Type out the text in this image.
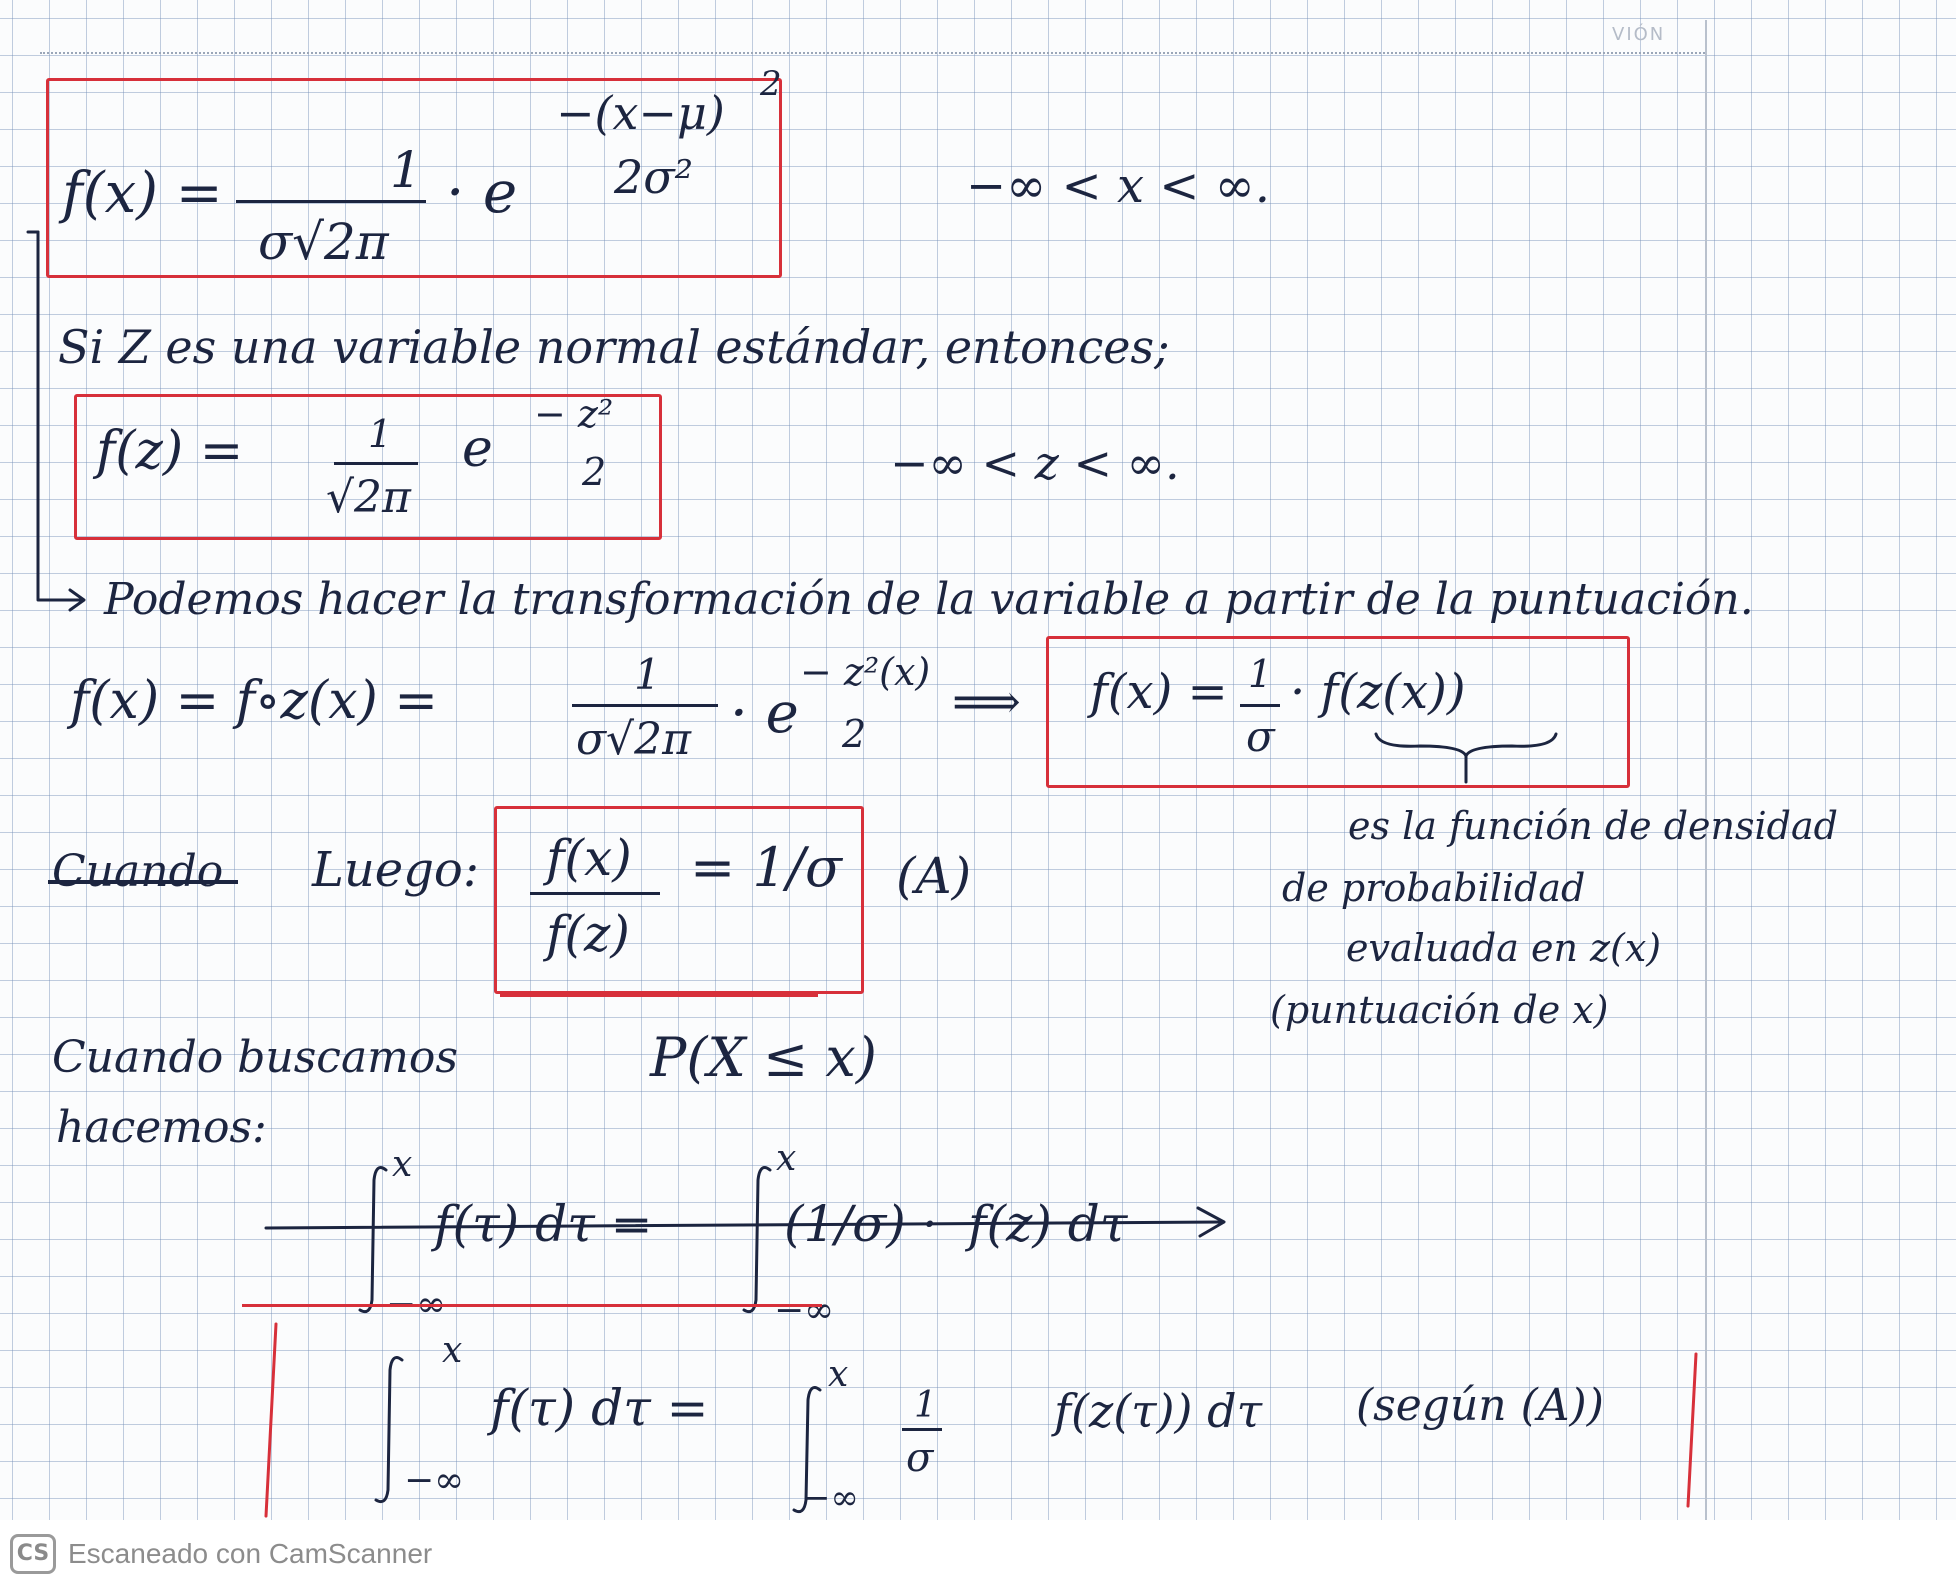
VIÓN
f(x) =	1
σ√2π
· e
−(x−μ)
2
2σ²	−∞ < x < ∞.
Si Z es una variable normal estándar, entonces;
f(z) =	1
√2π
e
− z²
2	−∞ < z < ∞.
Podemos hacer la transformación de la variable a partir de la puntuación.
f(x) = f∘z(x) =	1
σ√2π · e
− z²(x)
2
⟹ f(x) = 1
σ
· f(z(x))
es la función de densidad
de probabilidad
evaluada en z(x)
(puntuación de x)
Cuando Luego: f(x)
f(z)
= 1/σ (A)
Cuando buscamos	P(X ≤ x)
hacemos:
x
−∞
f(τ) dτ =
x
−∞
(1/σ) · f(z) dτ
x
−∞
f(τ) dτ =
x
−∞
1
σ
f(z(τ)) dτ (según (A))
CS Escaneado con CamScanner
